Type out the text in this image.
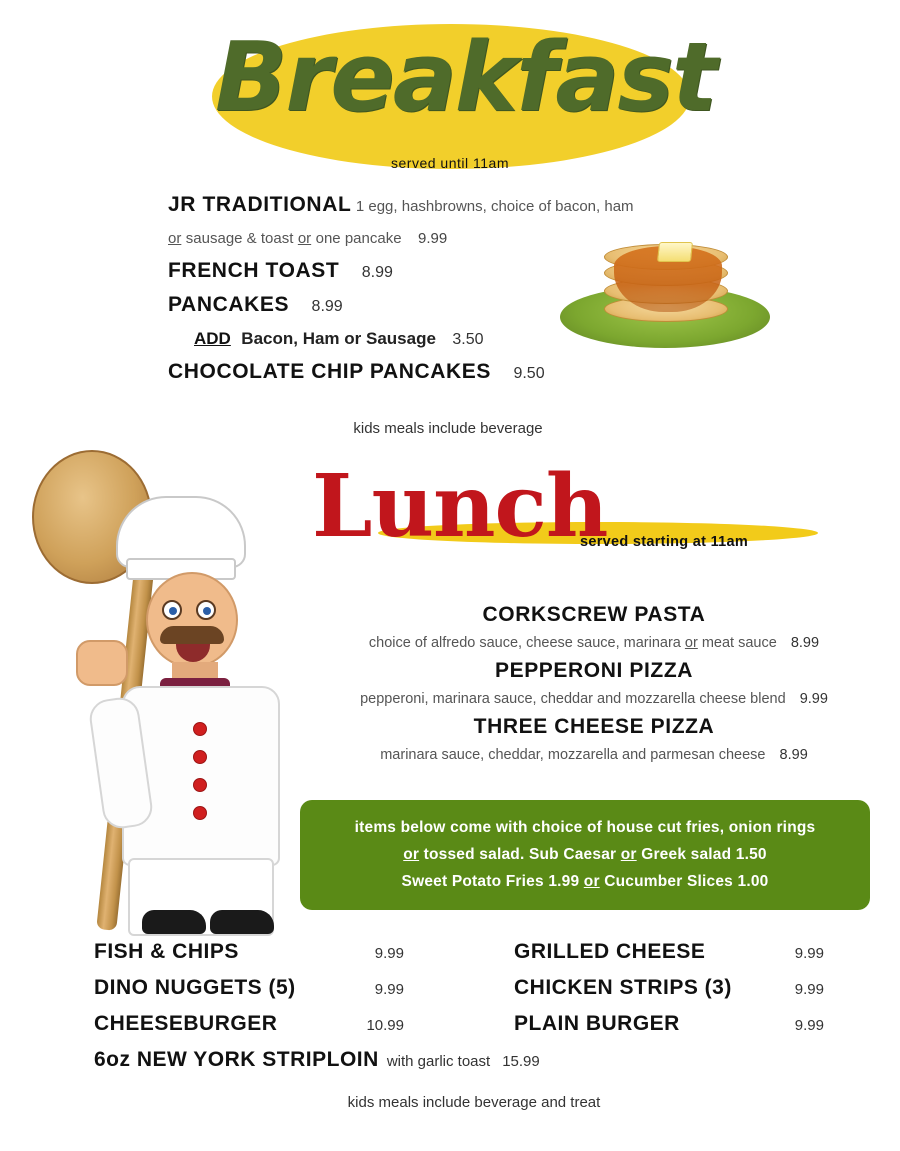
Breakfast
served until 11am
JR TRADITIONAL 1 egg, hashbrowns, choice of bacon, ham
or sausage & toast or one pancake 9.99
FRENCH TOAST 8.99
PANCAKES 8.99
ADD Bacon, Ham or Sausage 3.50
CHOCOLATE CHIP PANCAKES 9.50
kids meals include beverage
Lunch
served starting at 11am
CORKSCREW PASTA
choice of alfredo sauce, cheese sauce, marinara or meat sauce 8.99
PEPPERONI PIZZA
pepperoni, marinara sauce, cheddar and mozzarella cheese blend 9.99
THREE CHEESE PIZZA
marinara sauce, cheddar, mozzarella and parmesan cheese 8.99
items below come with choice of house cut fries, onion rings
or tossed salad. Sub Caesar or Greek salad 1.50
Sweet Potato Fries 1.99 or Cucumber Slices 1.00
FISH & CHIPS	9.99	GRILLED CHEESE	9.99
DINO NUGGETS (5)	9.99	CHICKEN STRIPS (3)	9.99
CHEESEBURGER	10.99	PLAIN BURGER	9.99
6oz NEW YORK STRIPLOIN with garlic toast 15.99
kids meals include beverage and treat
